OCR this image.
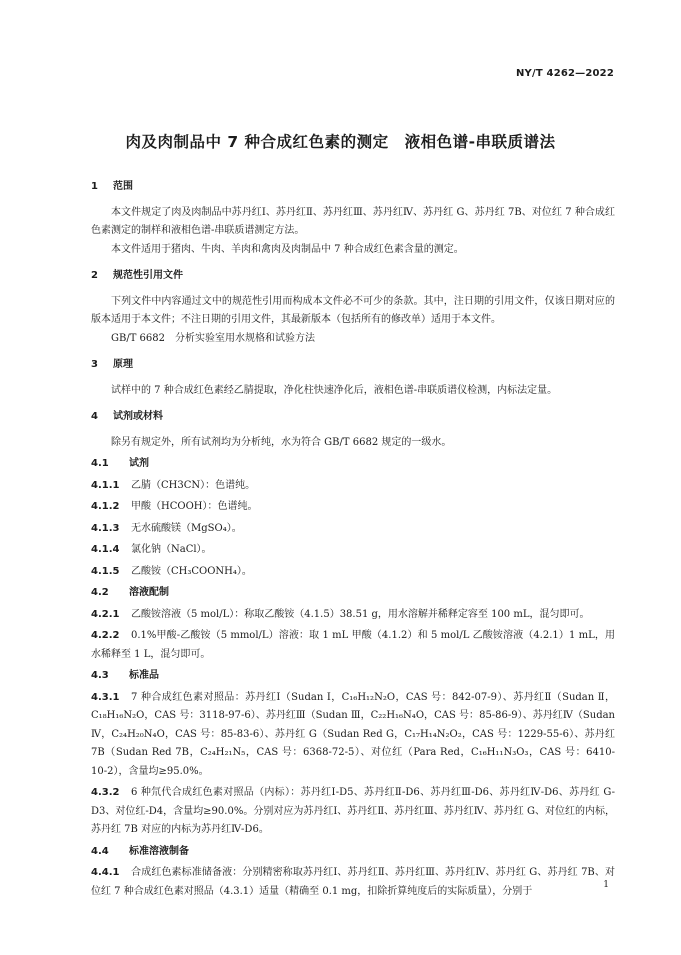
NY/T 4262—2022
肉及肉制品中 7 种合成红色素的测定　液相色谱-串联质谱法
1 范围

本文件规定了肉及肉制品中苏丹红Ⅰ、苏丹红Ⅱ、苏丹红Ⅲ、苏丹红Ⅳ、苏丹红 G、苏丹红 7B、对位红 7 种合成红色素测定的制样和液相色谱-串联质谱测定方法。

本文件适用于猪肉、牛肉、羊肉和禽肉及肉制品中 7 种合成红色素含量的测定。

2 规范性引用文件

下列文件中内容通过文中的规范性引用而构成本文件必不可少的条款。其中，注日期的引用文件，仅该日期对应的版本适用于本文件；不注日期的引用文件，其最新版本（包括所有的修改单）适用于本文件。

GB/T 6682　分析实验室用水规格和试验方法

3 原理

试样中的 7 种合成红色素经乙腈提取，净化柱快速净化后，液相色谱-串联质谱仪检测，内标法定量。

4 试剂或材料

除另有规定外，所有试剂均为分析纯，水为符合 GB/T 6682 规定的一级水。

4.1 试剂
4.1.1 乙腈（CH3CN）：色谱纯。
4.1.2 甲酸（HCOOH）：色谱纯。
4.1.3 无水硫酸镁（MgSO₄）。
4.1.4 氯化钠（NaCl）。
4.1.5 乙酸铵（CH₃COONH₄）。
4.2 溶液配制
4.2.1 乙酸铵溶液（5 mol/L）：称取乙酸铵（4.1.5）38.51 g，用水溶解并稀释定容至 100 mL，混匀即可。
4.2.2 0.1%甲酸-乙酸铵（5 mmol/L）溶液：取 1 mL 甲酸（4.1.2）和 5 mol/L 乙酸铵溶液（4.2.1）1 mL，用水稀释至 1 L，混匀即可。
4.3 标准品
4.3.1 7 种合成红色素对照品：苏丹红Ⅰ（Sudan Ⅰ，C₁₆H₁₂N₂O，CAS 号：842-07-9）、苏丹红Ⅱ（Sudan Ⅱ，C₁₈H₁₆N₂O，CAS 号：3118-97-6）、苏丹红Ⅲ（Sudan Ⅲ，C₂₂H₁₆N₄O，CAS 号：85-86-9）、苏丹红Ⅳ（Sudan Ⅳ，C₂₄H₂₀N₄O，CAS 号：85-83-6）、苏丹红 G（Sudan Red G，C₁₇H₁₄N₂O₂，CAS 号：1229-55-6）、苏丹红 7B（Sudan Red 7B，C₂₄H₂₁N₅，CAS 号：6368-72-5）、对位红（Para Red，C₁₆H₁₁N₃O₃，CAS 号：6410-10-2），含量均≥95.0%。
4.3.2 6 种氘代合成红色素对照品（内标）：苏丹红Ⅰ-D5、苏丹红Ⅱ-D6、苏丹红Ⅲ-D6、苏丹红Ⅳ-D6、苏丹红 G-D3、对位红-D4，含量均≥90.0%。分别对应为苏丹红Ⅰ、苏丹红Ⅱ、苏丹红Ⅲ、苏丹红Ⅳ、苏丹红 G、对位红的内标，苏丹红 7B 对应的内标为苏丹红Ⅳ-D6。
4.4 标准溶液制备
4.4.1 合成红色素标准储备液：分别精密称取苏丹红Ⅰ、苏丹红Ⅱ、苏丹红Ⅲ、苏丹红Ⅳ、苏丹红 G、苏丹红 7B、对位红 7 种合成红色素对照品（4.3.1）适量（精确至 0.1 mg，扣除折算纯度后的实际质量），分别于
1
